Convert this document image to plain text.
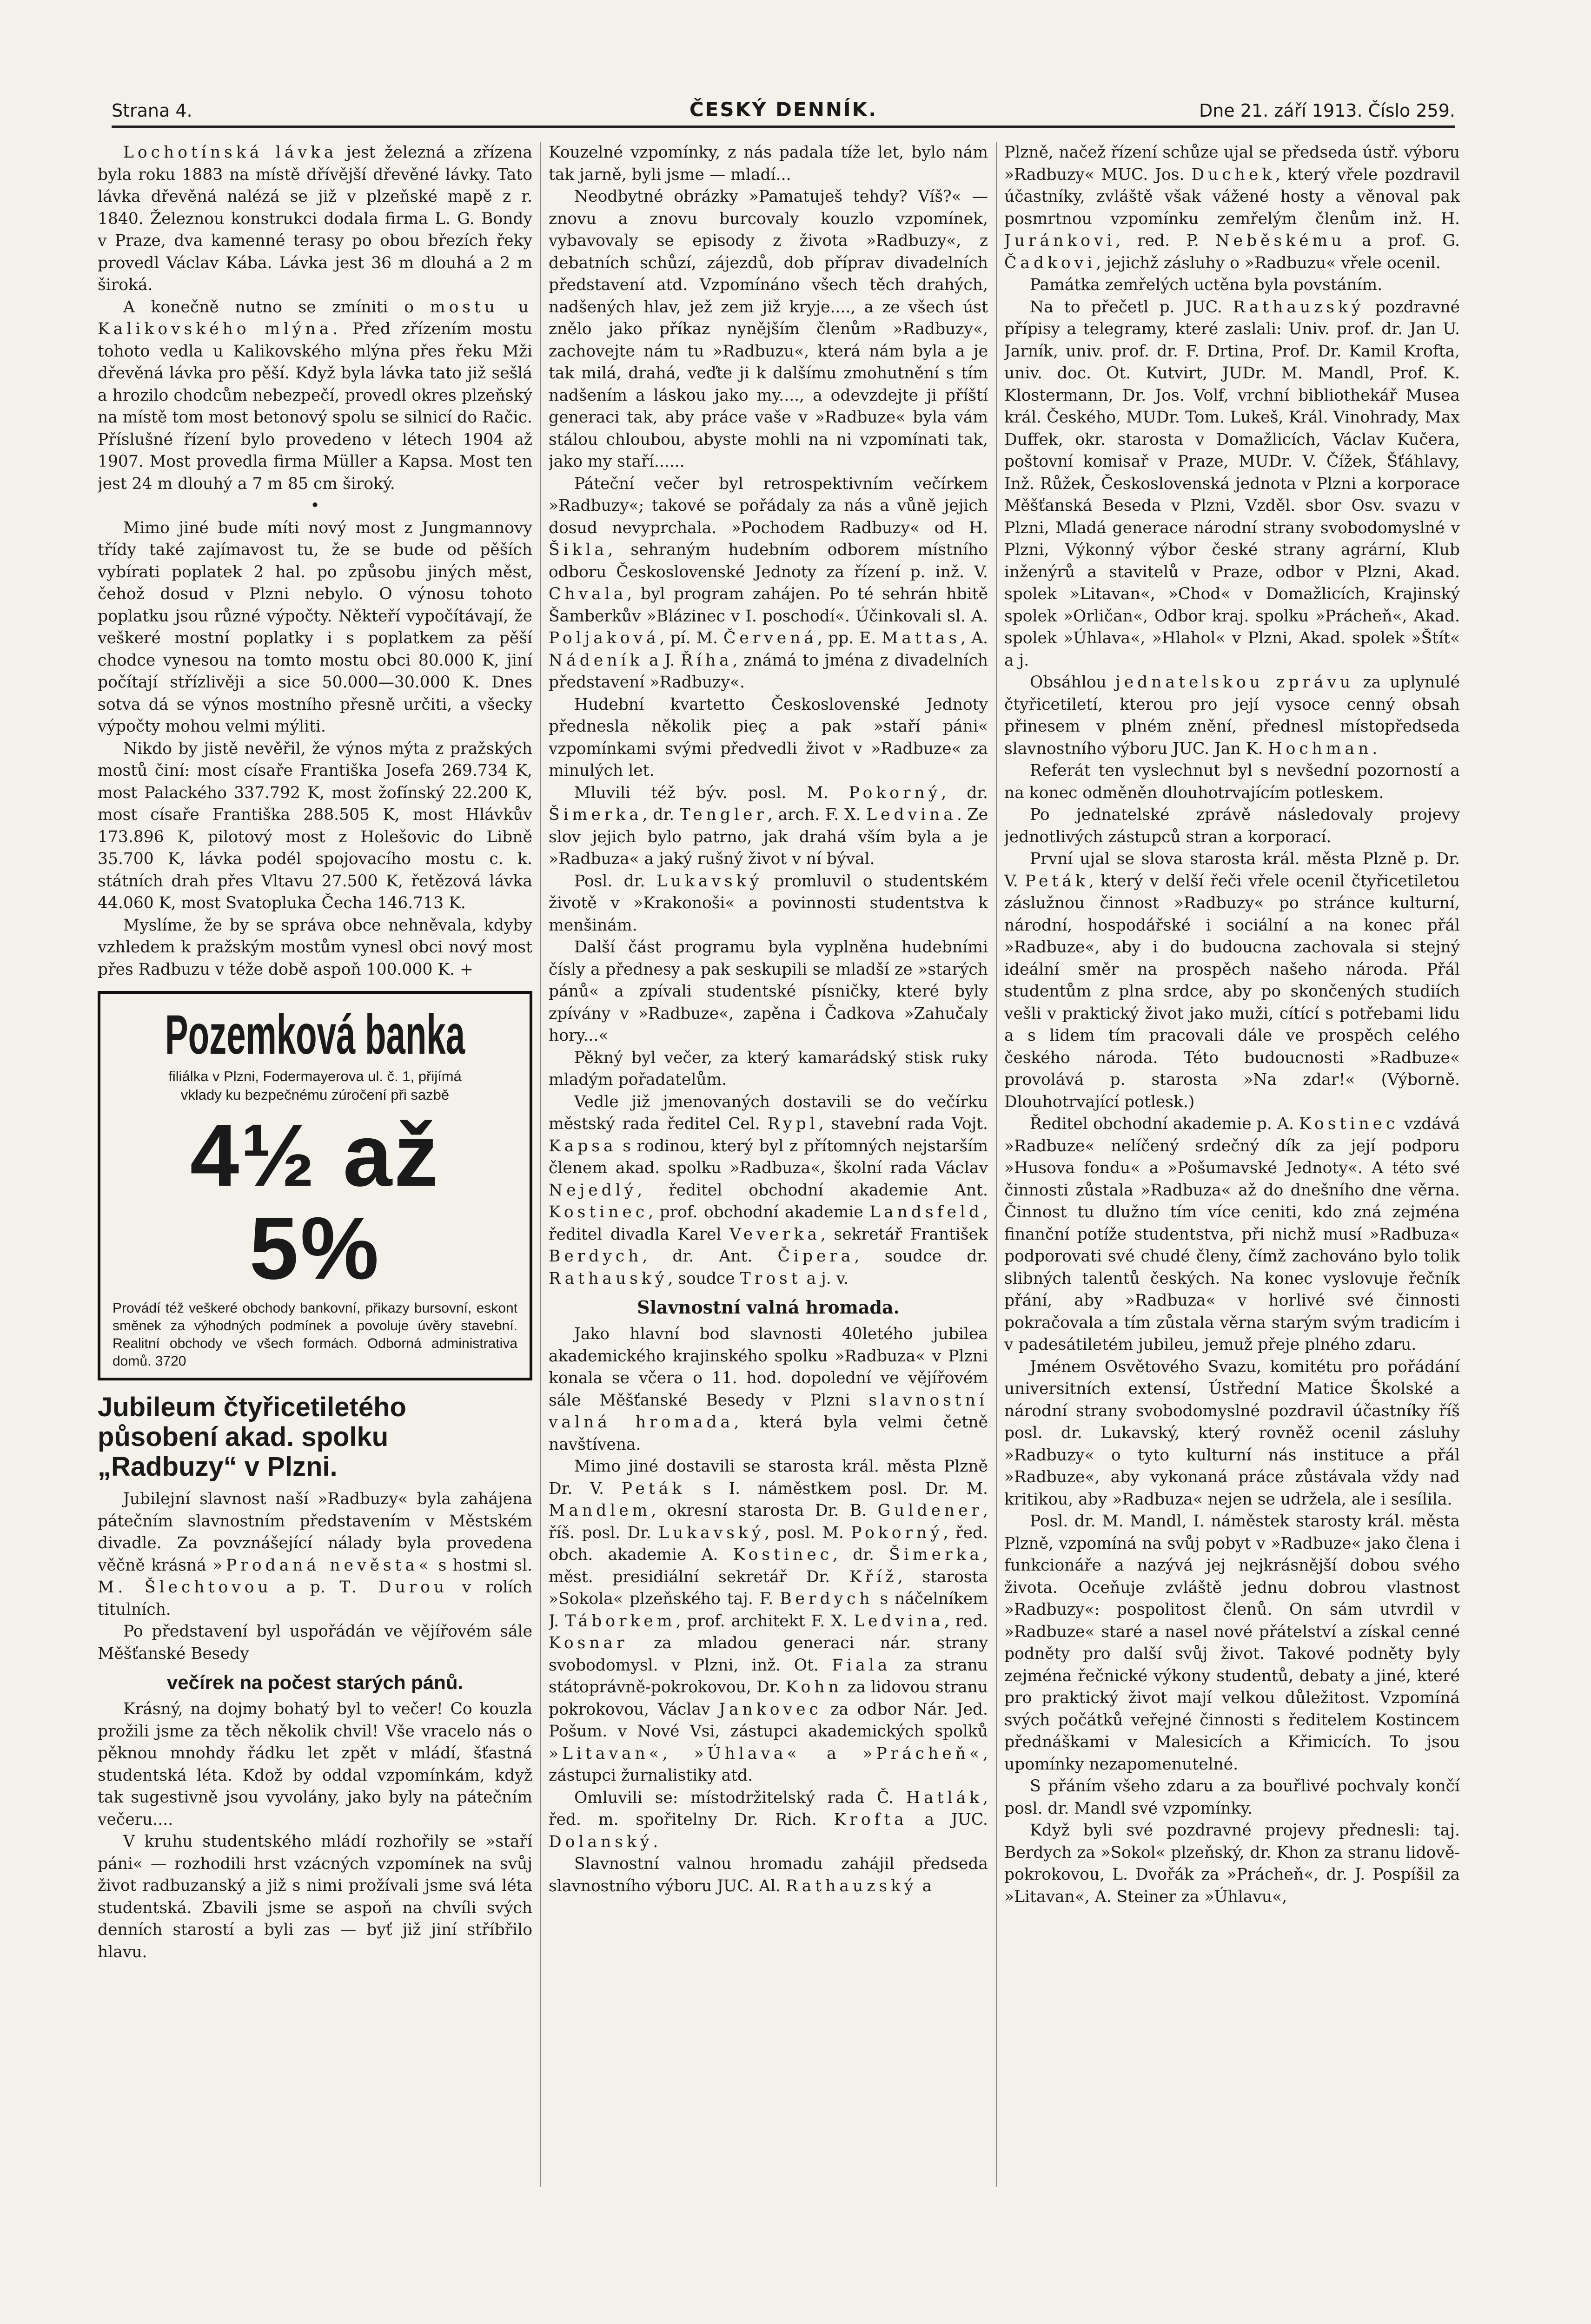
Strana 4.	ČESKÝ DENNÍK.	Dne 21. září 1913. Číslo 259.

Lochotínská lávka jest železná a zřízena byla roku 1883 na místě dřívější dřevěné lávky. Tato lávka dřevěná nalézá se již v plzeňské mapě z r. 1840. Železnou konstrukci dodala firma L. G. Bondy v Praze, dva kamenné terasy po obou březích řeky provedl Václav Kába. Lávka jest 36 m dlouhá a 2 m široká.

A konečně nutno se zmíniti o mostu u Kalikovského mlýna. Před zřízením mostu tohoto vedla u Kalikovského mlýna přes řeku Mži dřevěná lávka pro pěší. Když byla lávka tato již sešlá a hrozilo chodcům nebezpečí, provedl okres plzeňský na místě tom most betonový spolu se silnicí do Račic. Příslušné řízení bylo provedeno v létech 1904 až 1907. Most provedla firma Müller a Kapsa. Most ten jest 24 m dlouhý a 7 m 85 cm široký.

•

Mimo jiné bude míti nový most z Jungmannovy třídy také zajímavost tu, že se bude od pěších vybírati poplatek 2 hal. po způsobu jiných měst, čehož dosud v Plzni nebylo. O výnosu tohoto poplatku jsou různé výpočty. Někteří vypočítávají, že veškeré mostní poplatky i s poplatkem za pěší chodce vynesou na tomto mostu obci 80.000 K, jiní počítají střízlivěji a sice 50.000—30.000 K. Dnes sotva dá se výnos mostního přesně určiti, a všecky výpočty mohou velmi mýliti.

Nikdo by jistě nevěřil, že výnos mýta z pražských mostů činí: most císaře Františka Josefa 269.734 K, most Palackého 337.792 K, most žofínský 22.200 K, most císaře Františka 288.505 K, most Hlávkův 173.896 K, pilotový most z Holešovic do Libně 35.700 K, lávka podél spojovacího mostu c. k. státních drah přes Vltavu 27.500 K, řetězová lávka 44.060 K, most Svatopluka Čecha 146.713 K.

Myslíme, že by se správa obce nehněvala, kdyby vzhledem k pražským mostům vynesl obci nový most přes Radbuzu v téže době aspoň 100.000 K. +

Pozemková banka
filiálka v Plzni, Fodermayerova ul. č. 1, přijímá
vklady ku bezpečnému zúročení při sazbě
4½ až 5%
Provádí též veškeré obchody bankovní, přikazy bursovní, eskont směnek za výhodných podmínek a povoluje úvěry stavební. Realitní obchody ve všech formách. Odborná administrativa domů. 3720
Jubileum čtyřicetiletého působení akad. spolku „Radbuzy“ v Plzni.

Jubilejní slavnost naší »Radbuzy« byla zahájena pátečním slavnostním představením v Městském divadle. Za povznášející nálady byla provedena věčně krásná »Prodaná nevěsta« s hostmi sl. M. Šlechtovou a p. T. Durou v rolích titulních.

Po představení byl uspořádán ve vějířovém sále Měšťanské Besedy

večírek na počest starých pánů.

Krásný, na dojmy bohatý byl to večer! Co kouzla prožili jsme za těch několik chvil! Vše vracelo nás o pěknou mnohdy řádku let zpět v mládí, šťastná studentská léta. Kdož by oddal vzpomínkám, když tak sugestivně jsou vyvolány, jako byly na pátečním večeru....

V kruhu studentského mládí rozhořily se »staří páni« — rozhodili hrst vzácných vzpomínek na svůj život radbuzanský a již s nimi prožívali jsme svá léta studentská. Zbavili jsme se aspoň na chvíli svých denních starostí a byli zas — byť již jiní stříbřilo hlavu.

Kouzelné vzpomínky, z nás padala tíže let, bylo nám tak jarně, byli jsme — mladí...

Neodbytné obrázky »Pamatuješ tehdy? Víš?« — znovu a znovu burcovaly kouzlo vzpomínek, vybavovaly se episody z života »Radbuzy«, z debatních schůzí, zájezdů, dob příprav divadelních představení atd. Vzpomínáno všech těch drahých, nadšených hlav, jež zem již kryje...., a ze všech úst znělo jako příkaz nynějším členům »Radbuzy«, zachovejte nám tu »Radbuzu«, která nám byla a je tak milá, drahá, veďte ji k dalšímu zmohutnění s tím nadšením a láskou jako my...., a odevzdejte ji příští generaci tak, aby práce vaše v »Radbuze« byla vám stálou chloubou, abyste mohli na ni vzpomínati tak, jako my staří......

Páteční večer byl retrospektivním večírkem »Radbuzy«; takové se pořádaly za nás a vůně jejich dosud nevyprchala. »Pochodem Radbuzy« od H. Šikla, sehraným hudebním odborem místního odboru Československé Jednoty za řízení p. inž. V. Chvala, byl program zahájen. Po té sehrán hbitě Šamberkův »Blázinec v I. poschodí«. Účinkovali sl. A. Poljaková, pí. M. Červená, pp. E. Mattas, A. Nádeník a J. Říha, známá to jména z divadelních představení »Radbuzy«.

Hudební kvartetto Československé Jednoty přednesla několik pieç a pak »staří páni« vzpomínkami svými předvedli život v »Radbuze« za minulých let.

Mluvili též býv. posl. M. Pokorný, dr. Šimerka, dr. Tengler, arch. F. X. Ledvina. Ze slov jejich bylo patrno, jak drahá vším byla a je »Radbuza« a jaký rušný život v ní býval.

Posl. dr. Lukavský promluvil o studentském životě v »Krakonoši« a povinnosti studentstva k menšinám.

Další část programu byla vyplněna hudebními čísly a přednesy a pak seskupili se mladší ze »starých pánů« a zpívali studentské písničky, které byly zpívány v »Radbuze«, zapěna i Čadkova »Zahučaly hory...«

Pěkný byl večer, za který kamarádský stisk ruky mladým pořadatelům.

Vedle již jmenovaných dostavili se do večírku městský rada ředitel Cel. Rypl, stavební rada Vojt. Kapsa s rodinou, který byl z přítomných nejstarším členem akad. spolku »Radbuza«, školní rada Václav Nejedlý, ředitel obchodní akademie Ant. Kostinec, prof. obchodní akademie Landsfeld, ředitel divadla Karel Veverka, sekretář František Berdych, dr. Ant. Čipera, soudce dr. Rathauský, soudce Trost a j. v.

Slavnostní valná hromada.

Jako hlavní bod slavnosti 40letého jubilea akademického krajinského spolku »Radbuza« v Plzni konala se včera o 11. hod. dopolední ve vějířovém sále Měšťanské Besedy v Plzni slavnostní valná hromada, která byla velmi četně navštívena.

Mimo jiné dostavili se starosta král. města Plzně Dr. V. Peták s I. náměstkem posl. Dr. M. Mandlem, okresní starosta Dr. B. Guldener, říš. posl. Dr. Lukavský, posl. M. Pokorný, řed. obch. akademie A. Kostinec, dr. Šimerka, měst. presidiální sekretář Dr. Kříž, starosta »Sokola« plzeňského taj. F. Berdych s náčelníkem J. Táborkem, prof. architekt F. X. Ledvina, red. Kosnar za mladou generaci nár. strany svobodomysl. v Plzni, inž. Ot. Fiala za stranu státoprávně-pokrokovou, Dr. Kohn za lidovou stranu pokrokovou, Václav Jankovec za odbor Nár. Jed. Pošum. v Nové Vsi, zástupci akademických spolků »Litavan«, »Úhlava« a »Prácheň«, zástupci žurnalistiky atd.

Omluvili se: místodržitelský rada Č. Hatlák, řed. m. spořitelny Dr. Rich. Krofta a JUC. Dolanský.

Slavnostní valnou hromadu zahájil předseda slavnostního výboru JUC. Al. Rathauzský a

Plzně, načež řízení schůze ujal se předseda ústř. výboru »Radbuzy« MUC. Jos. Duchek, který vřele pozdravil účastníky, zvláště však vážené hosty a věnoval pak posmrtnou vzpomínku zemřelým členům inž. H. Juránkovi, red. P. Neběskému a prof. G. Čadkovi, jejichž zásluhy o »Radbuzu« vřele ocenil.

Památka zemřelých uctěna byla povstáním.

Na to přečetl p. JUC. Rathauzský pozdravné přípisy a telegramy, které zaslali: Univ. prof. dr. Jan U. Jarník, univ. prof. dr. F. Drtina, Prof. Dr. Kamil Krofta, univ. doc. Ot. Kutvirt, JUDr. M. Mandl, Prof. K. Klostermann, Dr. Jos. Volf, vrchní bibliothekář Musea král. Českého, MUDr. Tom. Lukeš, Král. Vinohrady, Max Duffek, okr. starosta v Domažlicích, Václav Kučera, poštovní komisař v Praze, MUDr. V. Čížek, Šťáhlavy, Inž. Růžek, Československá jednota v Plzni a korporace Měšťanská Beseda v Plzni, Vzděl. sbor Osv. svazu v Plzni, Mladá generace národní strany svobodomyslné v Plzni, Výkonný výbor české strany agrární, Klub inženýrů a stavitelů v Praze, odbor v Plzni, Akad. spolek »Litavan«, »Chod« v Domažlicích, Krajinský spolek »Orličan«, Odbor kraj. spolku »Prácheň«, Akad. spolek »Úhlava«, »Hlahol« v Plzni, Akad. spolek »Štít« a j.

Obsáhlou jednatelskou zprávu za uplynulé čtyřicetiletí, kterou pro její vysoce cenný obsah přinesem v plném znění, přednesl místopředseda slavnostního výboru JUC. Jan K. Hochman.

Referát ten vyslechnut byl s nevšední pozorností a na konec odměněn dlouhotrvajícím potleskem.

Po jednatelské zprávě následovaly projevy jednotlivých zástupců stran a korporací.

První ujal se slova starosta král. města Plzně p. Dr. V. Peták, který v delší řeči vřele ocenil čtyřicetiletou záslužnou činnost »Radbuzy« po stránce kulturní, národní, hospodářské i sociální a na konec přál »Radbuze«, aby i do budoucna zachovala si stejný ideální směr na prospěch našeho národa. Přál studentům z plna srdce, aby po skončených studiích vešli v praktický život jako muži, cítící s potřebami lidu a s lidem tím pracovali dále ve prospěch celého českého národa. Této budoucnosti »Radbuze« provolává p. starosta »Na zdar!« (Výborně. Dlouhotrvající potlesk.)

Ředitel obchodní akademie p. A. Kostinec vzdává »Radbuze« nelíčený srdečný dík za její podporu »Husova fondu« a »Pošumavské Jednoty«. A této své činnosti zůstala »Radbuza« až do dnešního dne věrna. Činnost tu dlužno tím více ceniti, kdo zná zejména finanční potíže studentstva, při nichž musí »Radbuza« podporovati své chudé členy, čímž zachováno bylo tolik slibných talentů českých. Na konec vyslovuje řečník přání, aby »Radbuza« v horlivé své činnosti pokračovala a tím zůstala věrna starým svým tradicím i v padesátiletém jubileu, jemuž přeje plného zdaru.

Jménem Osvětového Svazu, komitétu pro pořádání universitních extensí, Ústřední Matice Školské a národní strany svobodomyslné pozdravil účastníky říš posl. dr. Lukavský, který rovněž ocenil zásluhy »Radbuzy« o tyto kulturní nás instituce a přál »Radbuze«, aby vykonaná práce zůstávala vždy nad kritikou, aby »Radbuza« nejen se udržela, ale i sesílila.

Posl. dr. M. Mandl, I. náměstek starosty král. města Plzně, vzpomíná na svůj pobyt v »Radbuze« jako člena i funkcionáře a nazývá jej nejkrásnější dobou svého života. Oceňuje zvláště jednu dobrou vlastnost »Radbuzy«: pospolitost členů. On sám utvrdil v »Radbuze« staré a nasel nové přátelství a získal cenné podněty pro další svůj život. Takové podněty byly zejména řečnické výkony studentů, debaty a jiné, které pro praktický život mají velkou důležitost. Vzpomíná svých počátků veřejné činnosti s ředitelem Kostincem přednáškami v Malesicích a Křimicích. To jsou upomínky nezapomenutelné.

S přáním všeho zdaru a za bouřlivé pochvaly končí posl. dr. Mandl své vzpomínky.

Když byli své pozdravné projevy přednesli: taj. Berdych za »Sokol« plzeňský, dr. Khon za stranu lidově-pokrokovou, L. Dvořák za »Prácheň«, dr. J. Pospíšil za »Litavan«, A. Steiner za »Úhlavu«,
